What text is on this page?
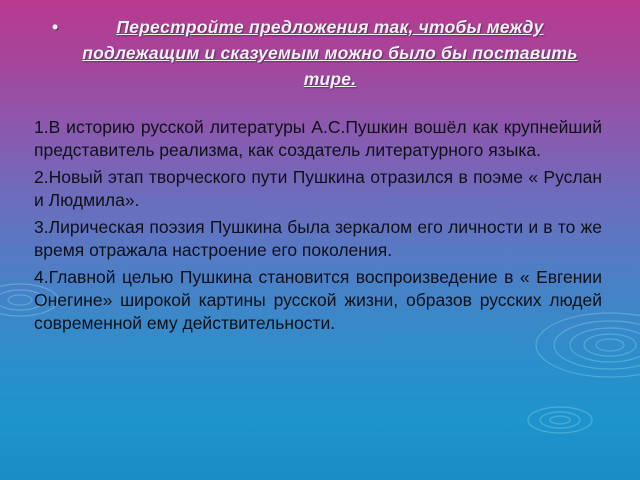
•	Перестройте предложения так, чтобы между подлежащим и сказуемым можно было бы поставить тире.

1.В историю русской литературы А.С.Пушкин вошёл как крупнейший представитель реализма, как создатель литературного языка.

2.Новый этап творческого пути Пушкина отразился в поэме « Руслан и Людмила».

3.Лирическая поэзия Пушкина была зеркалом его личности и в то же время отражала настроение его поколения.

4.Главной целью Пушкина становится воспроизведение в « Евгении Онегине» широкой картины русской жизни, образов русских людей современной ему действительности.
